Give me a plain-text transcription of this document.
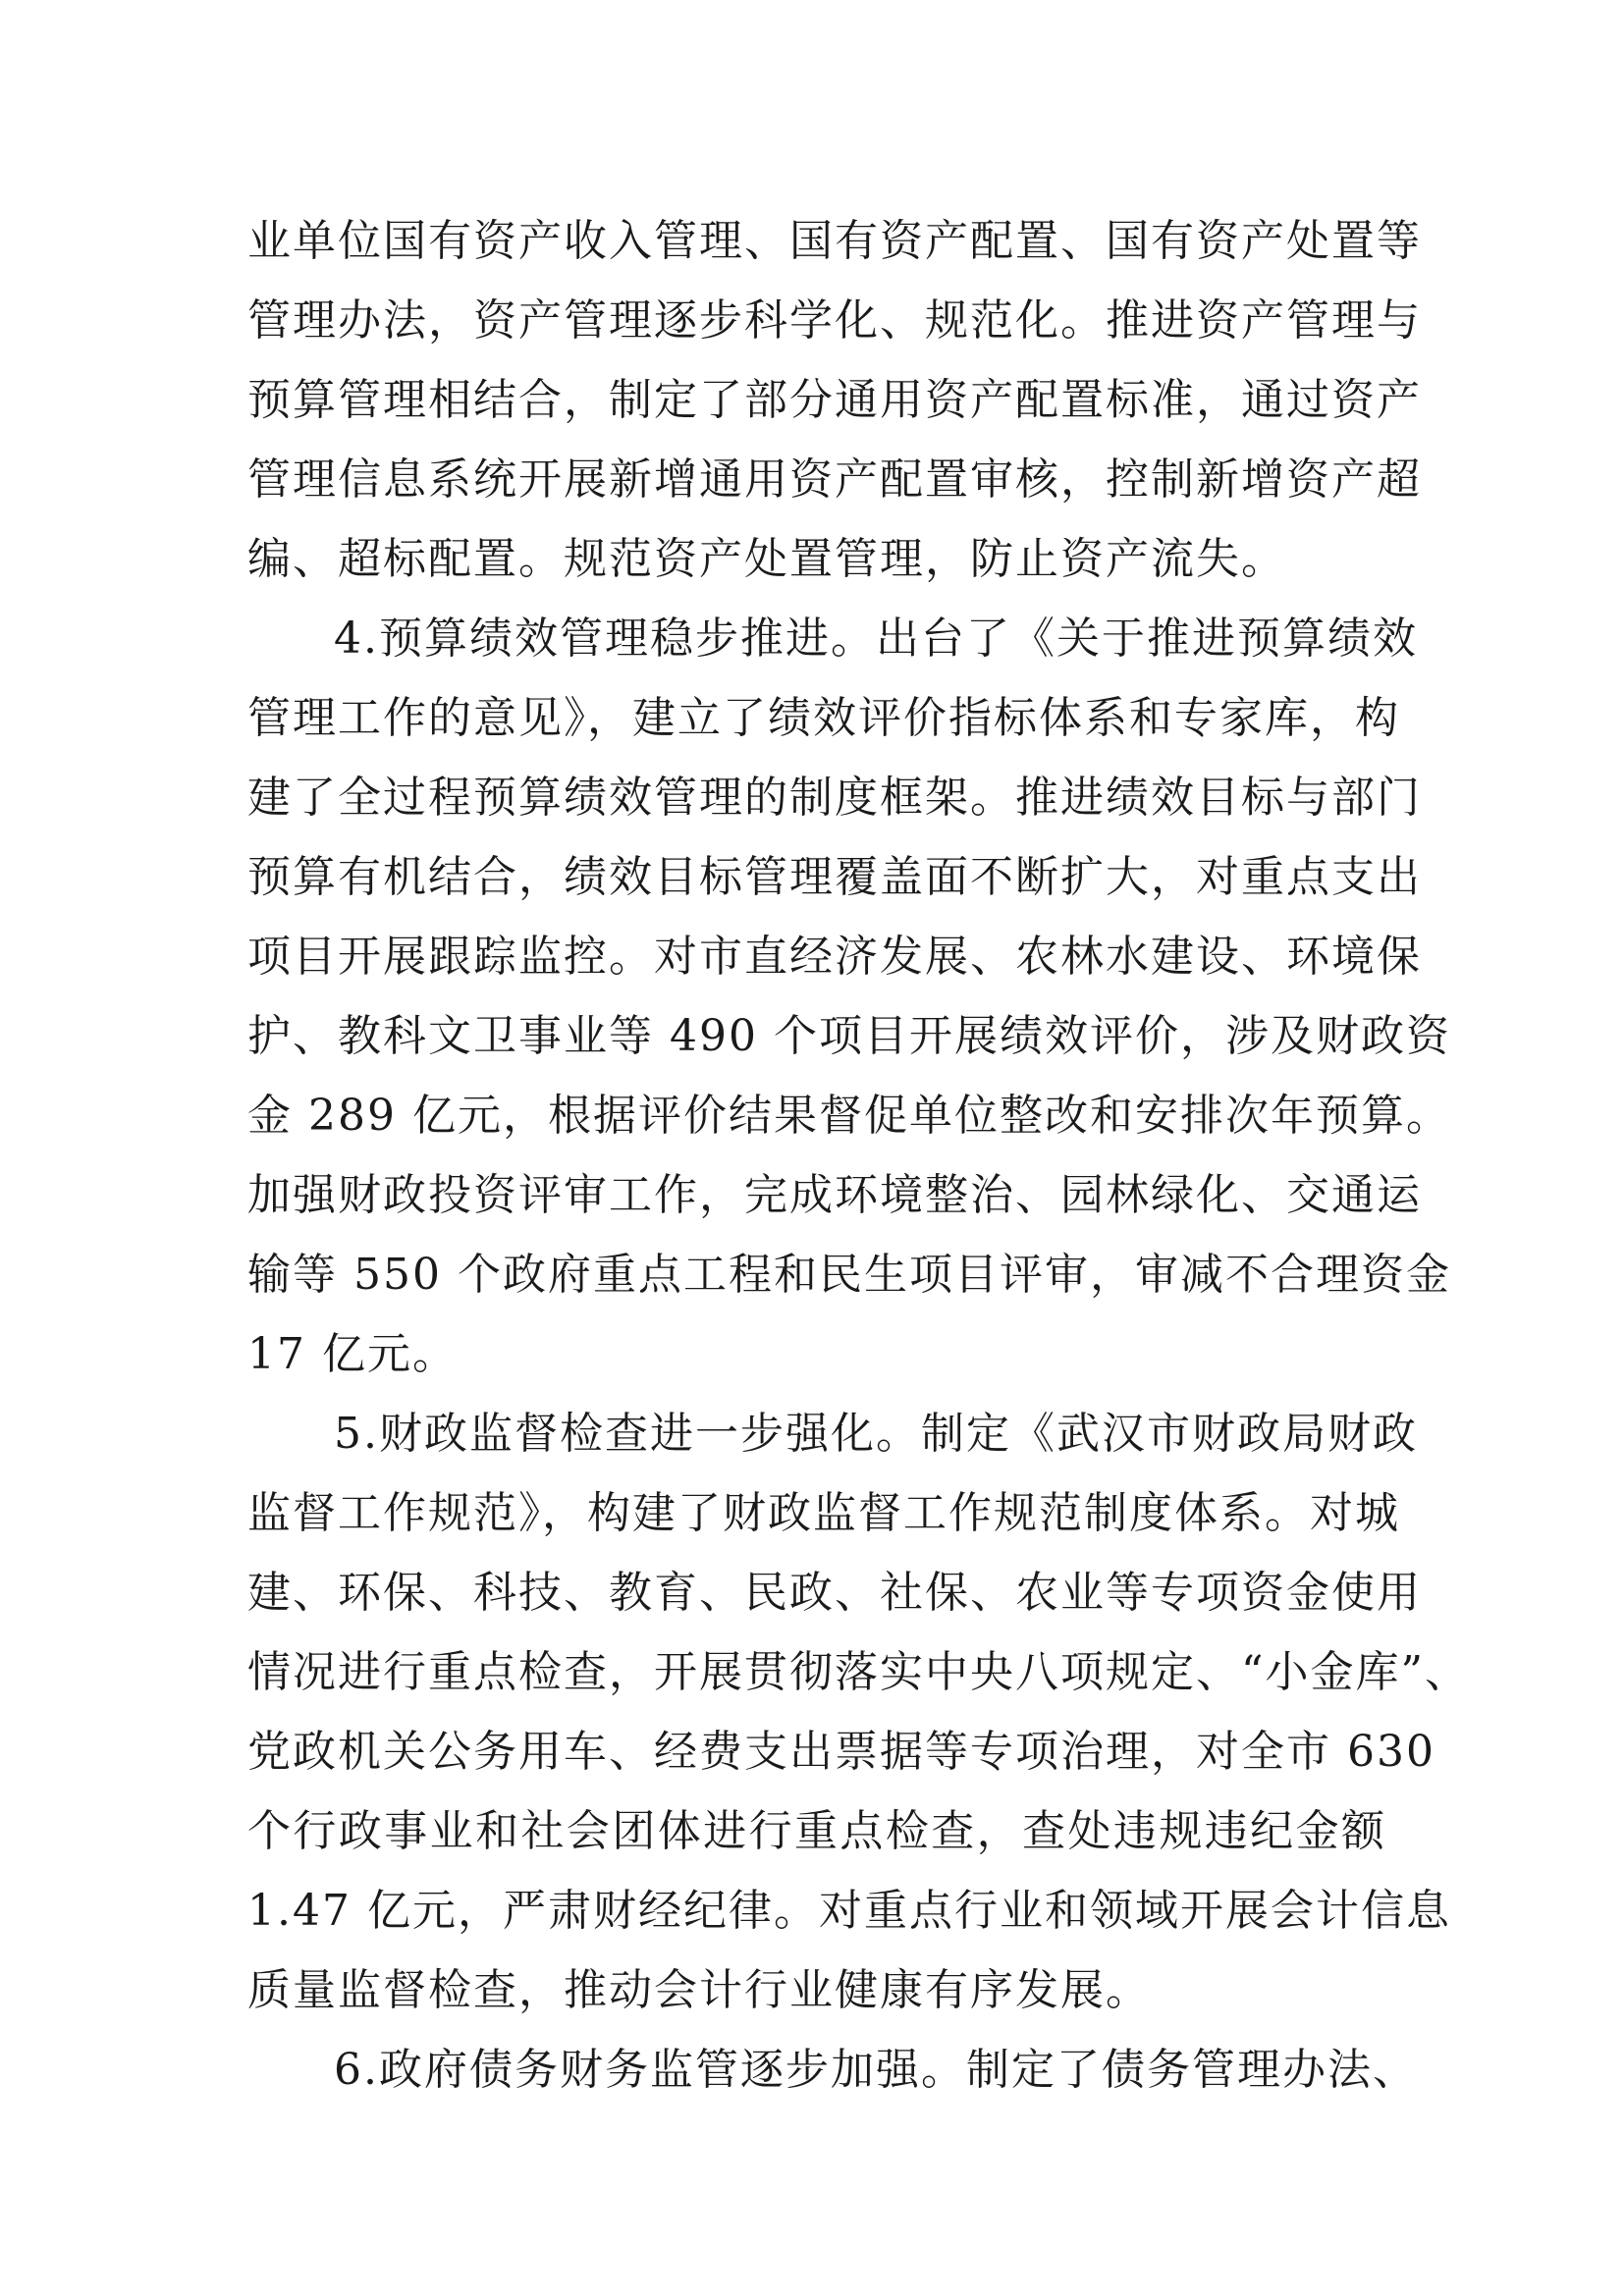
业单位国有资产收入管理、国有资产配置、国有资产处置等
管理办法，资产管理逐步科学化、规范化。推进资产管理与
预算管理相结合，制定了部分通用资产配置标准，通过资产
管理信息系统开展新增通用资产配置审核，控制新增资产超
编、超标配置。规范资产处置管理，防止资产流失。
4.预算绩效管理稳步推进。出台了《关于推进预算绩效
管理工作的意见》，建立了绩效评价指标体系和专家库，构
建了全过程预算绩效管理的制度框架。推进绩效目标与部门
预算有机结合，绩效目标管理覆盖面不断扩大，对重点支出
项目开展跟踪监控。对市直经济发展、农林水建设、环境保
护、教科文卫事业等 490 个项目开展绩效评价，涉及财政资
金 289 亿元，根据评价结果督促单位整改和安排次年预算。
加强财政投资评审工作，完成环境整治、园林绿化、交通运
输等 550 个政府重点工程和民生项目评审，审减不合理资金
17 亿元。
5.财政监督检查进一步强化。制定《武汉市财政局财政
监督工作规范》，构建了财政监督工作规范制度体系。对城
建、环保、科技、教育、民政、社保、农业等专项资金使用
情况进行重点检查，开展贯彻落实中央八项规定、“小金库”、
党政机关公务用车、经费支出票据等专项治理，对全市 630
个行政事业和社会团体进行重点检查，查处违规违纪金额
1.47 亿元，严肃财经纪律。对重点行业和领域开展会计信息
质量监督检查，推动会计行业健康有序发展。
6.政府债务财务监管逐步加强。制定了债务管理办法、
